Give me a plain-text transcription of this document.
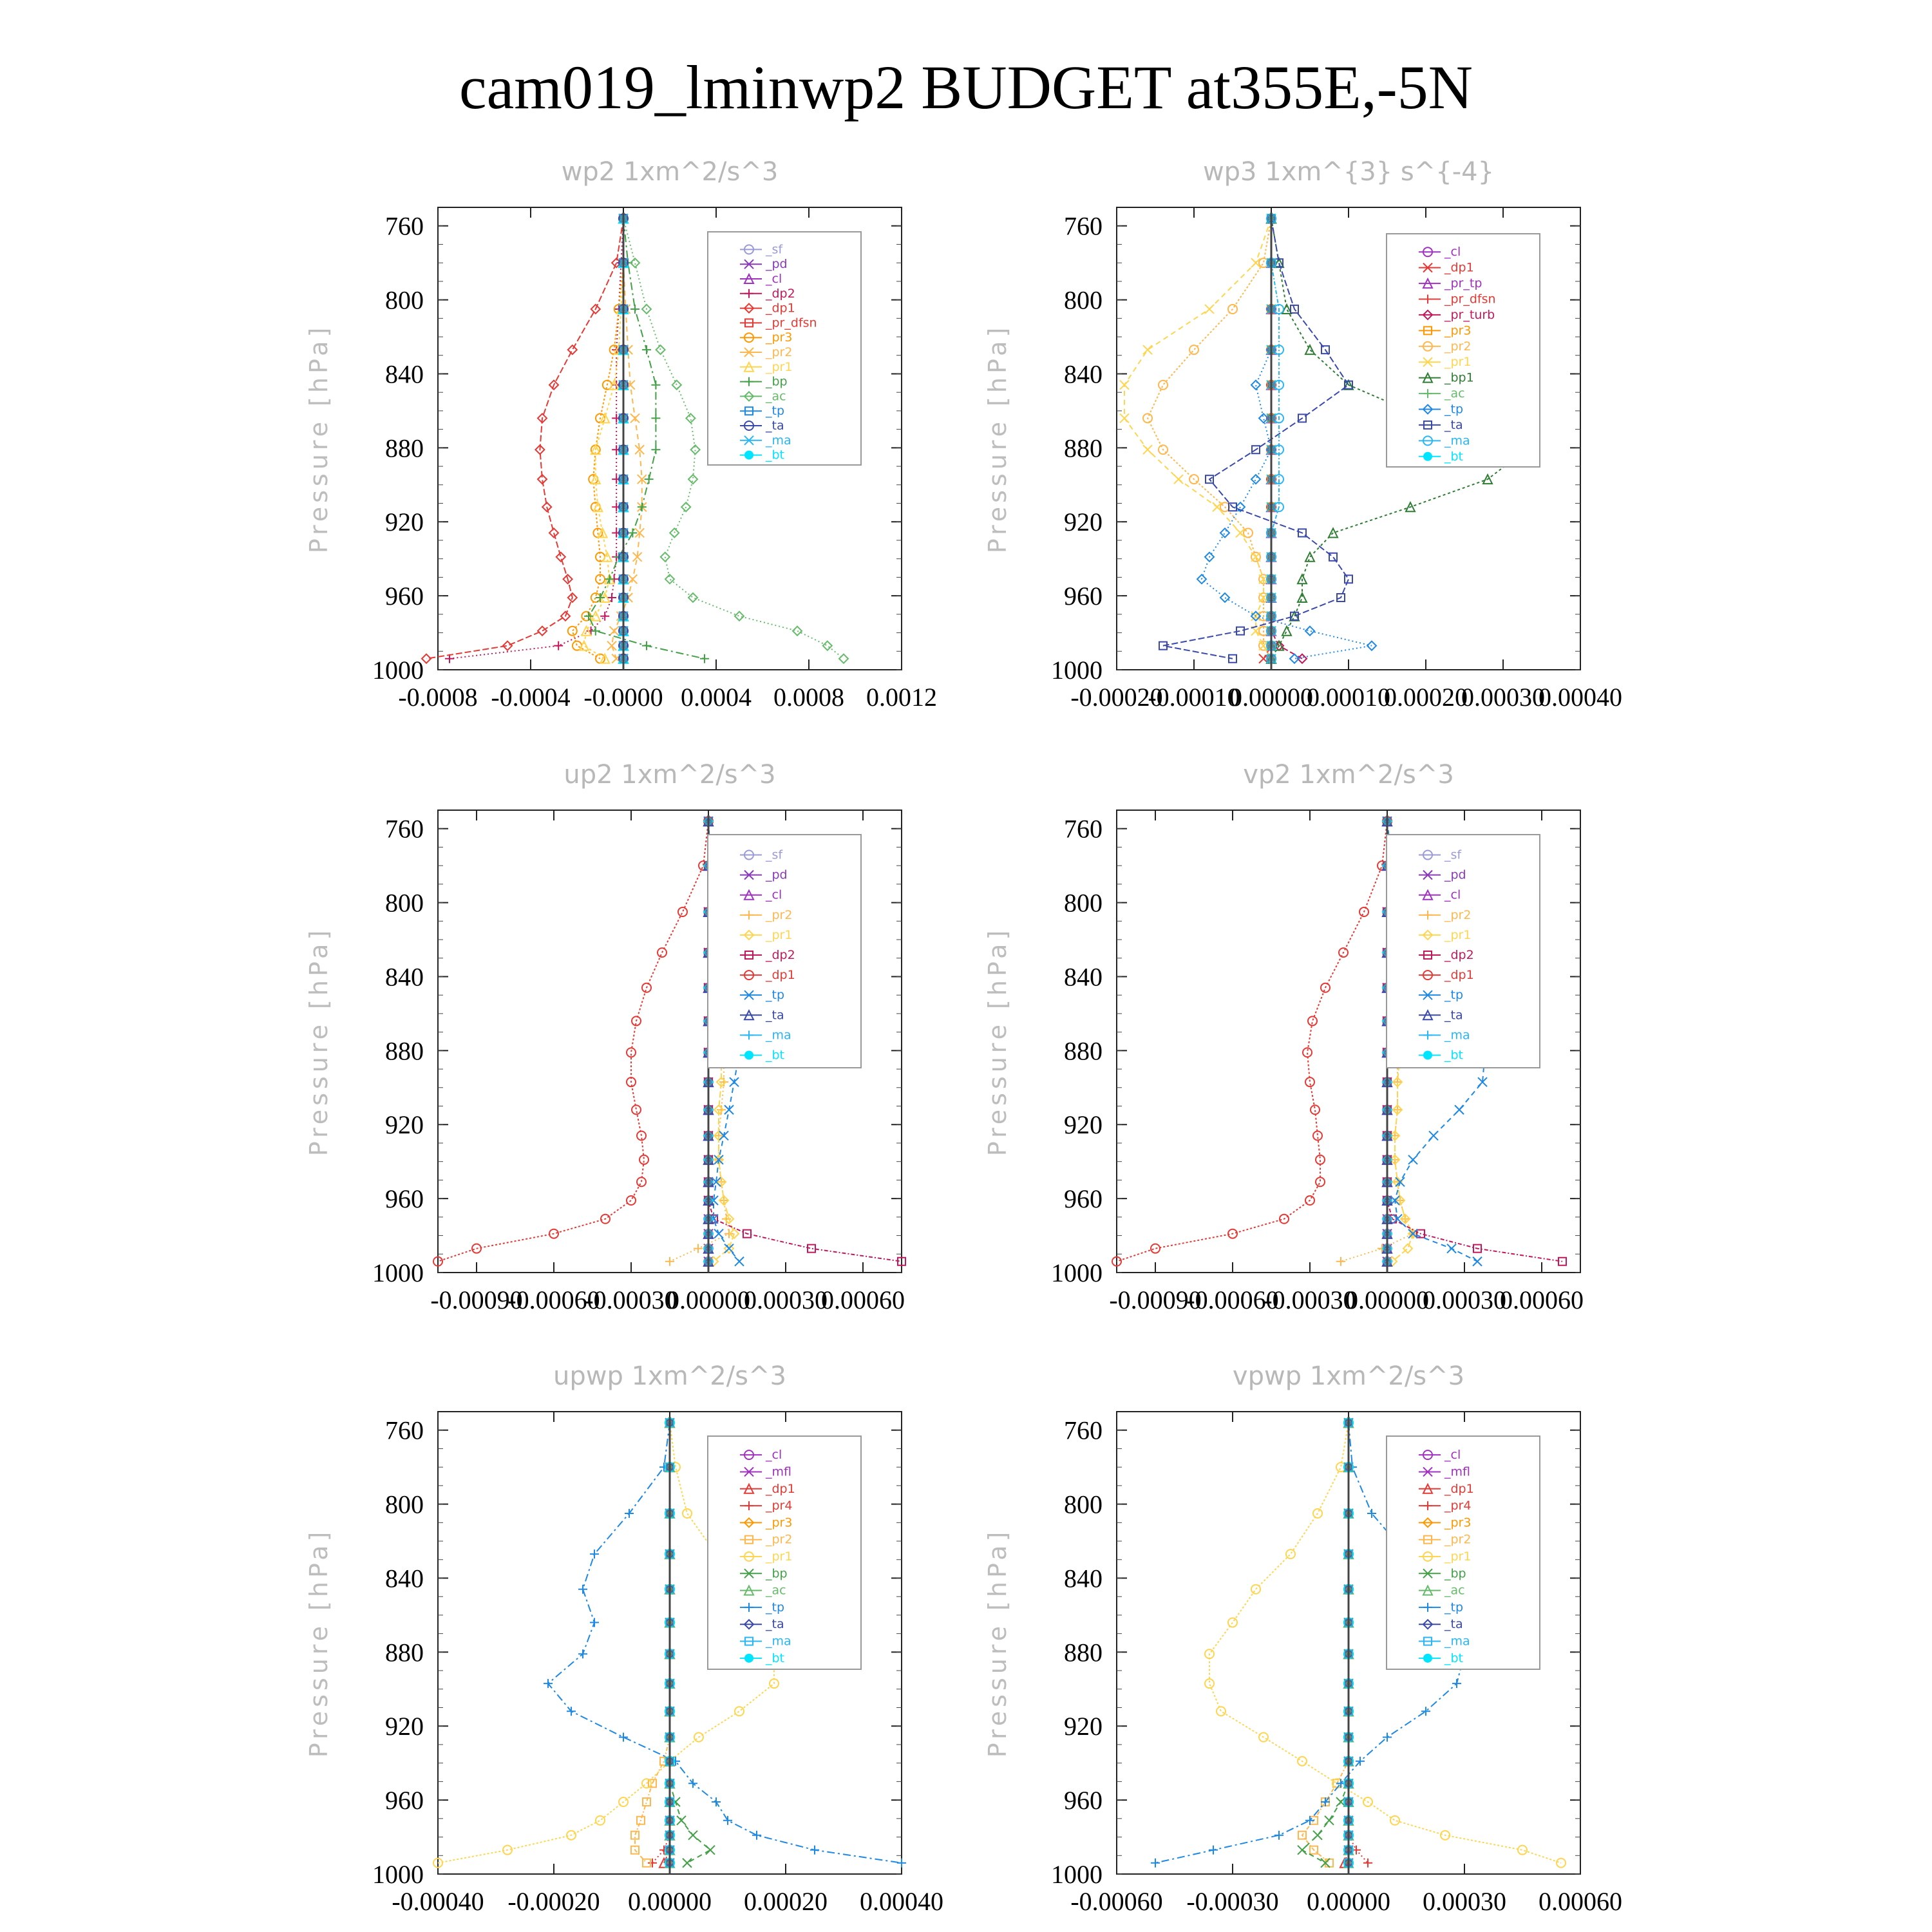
cam019_lminwp2 BUDGET at355E,-5N
wp2 1xm^2/s^3
Pressure [hPa]
760
800
840
880
920
960
1000
-0.0008 -0.0004 -0.0000 0.0004 0.0008 0.0012
_sf
_pd
_cl
_dp2
_dp1
_pr_dfsn
_pr3
_pr2
_pr1
_bp
_ac
_tp
_ta
_ma
_bt
wp3 1xm^{3} s^{-4}
Pressure [hPa]
760
800
840
880
920
960
1000
-0.00020
-0.00010
0.00000
0.00010
0.00020
0.00030
0.00040
_cl
_dp1
_pr_tp
_pr_dfsn
_pr_turb
_pr3
_pr2
_pr1
_bp1
_ac
_tp
_ta
_ma
_bt
up2 1xm^2/s^3
Pressure [hPa]
760
800
840
880
920
960
1000
-0.00090
-0.00060
-0.00030
0.00000
0.00030
0.00060
_sf
_pd
_cl
_pr2
_pr1
_dp2
_dp1
_tp
_ta
_ma
_bt
vp2 1xm^2/s^3
Pressure [hPa]
760
800
840
880
920
960
1000
-0.00090
-0.00060
-0.00030
0.00000
0.00030
0.00060
_sf
_pd
_cl
_pr2
_pr1
_dp2
_dp1
_tp
_ta
_ma
_bt
upwp 1xm^2/s^3
Pressure [hPa]
760
800
840
880
920
960
1000
-0.00040 -0.00020 0.00000 0.00020 0.00040
_cl
_mfl
_dp1
_pr4
_pr3
_pr2
_pr1
_bp
_ac
_tp
_ta
_ma
_bt
vpwp 1xm^2/s^3
Pressure [hPa]
760
800
840
880
920
960
1000
-0.00060 -0.00030 0.00000 0.00030 0.00060
_cl
_mfl
_dp1
_pr4
_pr3
_pr2
_pr1
_bp
_ac
_tp
_ta
_ma
_bt
